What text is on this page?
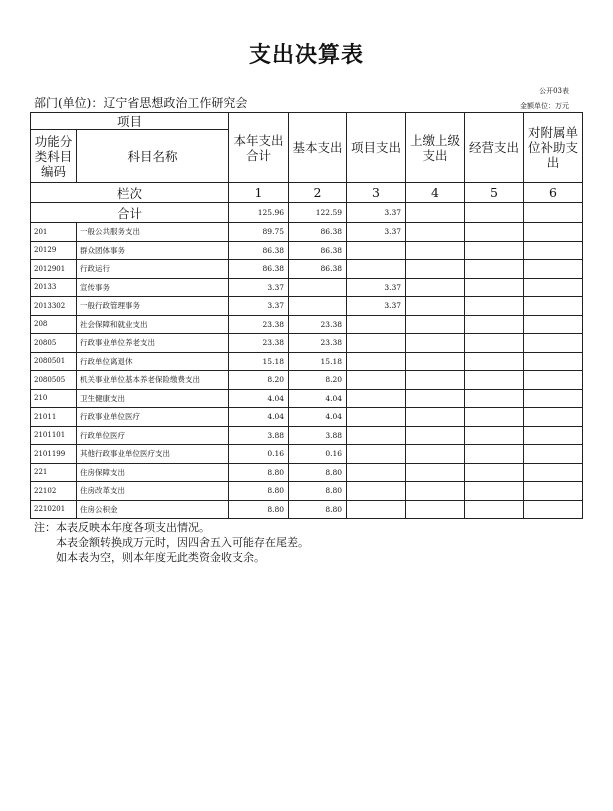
支出决算表
公开03表
部门(单位)：辽宁省思想政治工作研究会	金额单位：万元
项目		本年支出合计	基本支出	项目支出	上缴上级支出	经营支出	对附属单位补助支出
功能分类科目编码	科目名称						
栏次		1	2	3	4	5	6
合计		125.96	122.59	3.37			
201	一般公共服务支出	89.75	86.38	3.37			
20129	群众团体事务	86.38	86.38				
2012901	行政运行	86.38	86.38				
20133	宣传事务	3.37		3.37			
2013302	一般行政管理事务	3.37		3.37			
208	社会保障和就业支出	23.38	23.38				
20805	行政事业单位养老支出	23.38	23.38				
2080501	行政单位离退休	15.18	15.18				
2080505	机关事业单位基本养老保险缴费支出	8.20	8.20				
210	卫生健康支出	4.04	4.04				
21011	行政事业单位医疗	4.04	4.04				
2101101	行政单位医疗	3.88	3.88				
2101199	其他行政事业单位医疗支出	0.16	0.16				
221	住房保障支出	8.80	8.80				
22102	住房改革支出	8.80	8.80				
2210201	住房公积金	8.80	8.80				
注：本表反映本年度各项支出情况。
本表金额转换成万元时，因四舍五入可能存在尾差。
如本表为空，则本年度无此类资金收支余。
